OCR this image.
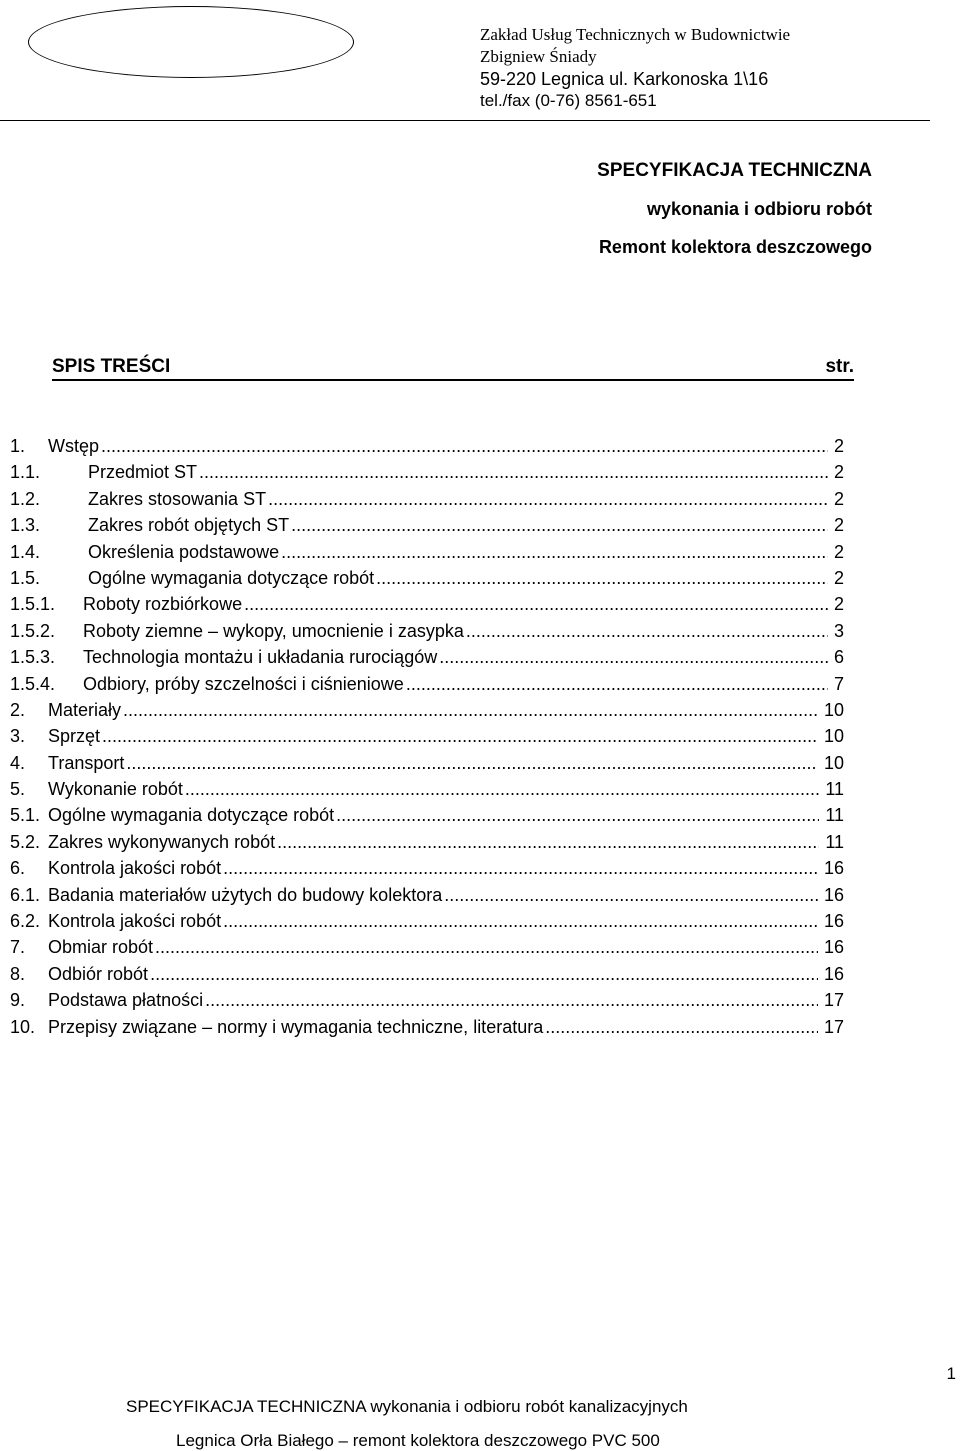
Zakład Usług Technicznych w Budownictwie
Zbigniew Śniady
59-220 Legnica ul. Karkonoska 1\16
tel./fax (0-76) 8561-651
SPECYFIKACJA TECHNICZNA
wykonania i odbioru robót
Remont kolektora deszczowego
SPIS TREŚCI	str.
1. Wstęp .....	2
1.1.	Przedmiot ST .....	2
1.2.	Zakres stosowania ST .....	2
1.3.	Zakres robót objętych ST .....	2
1.4.	Określenia podstawowe .....	2
1.5.	Ogólne wymagania dotyczące robót .....	2
1.5.1. Roboty rozbiórkowe .....	2
1.5.2. Roboty ziemne – wykopy, umocnienie i zasypka .....	3
1.5.3. Technologia montażu i układania rurociągów .....	6
1.5.4. Odbiory, próby szczelności i ciśnieniowe .....	7
2. Materiały .....	10
3. Sprzęt .....	10
4. Transport .....	10
5. Wykonanie robót .....	11
5.1. Ogólne wymagania dotyczące robót .....	11
5.2. Zakres wykonywanych robót .....	11
6. Kontrola jakości robót .....	16
6.1. Badania materiałów użytych do budowy kolektora .....	16
6.2. Kontrola jakości robót .....	16
7. Obmiar robót .....	16
8. Odbiór robót .....	16
9. Podstawa płatności .....	17
10. Przepisy związane – normy i wymagania techniczne, literatura .....	17
1
SPECYFIKACJA TECHNICZNA wykonania i odbioru robót kanalizacyjnych
Legnica Orła Białego – remont kolektora deszczowego PVC 500
